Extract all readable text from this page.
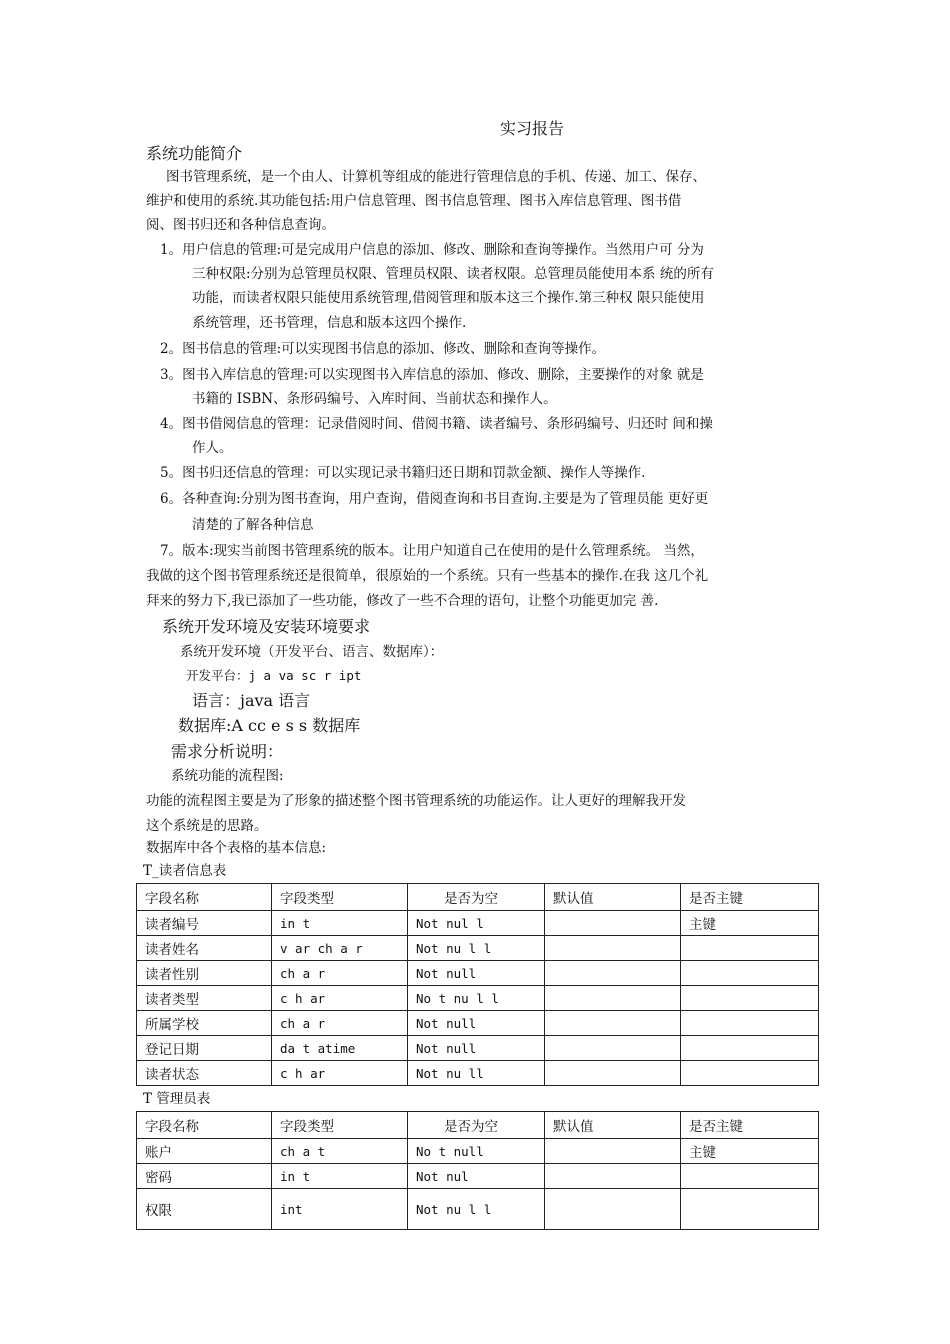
实习报告
系统功能简介
图书管理系统，是一个由人、计算机等组成的能进行管理信息的手机、传递、加工、保存、
维护和使用的系统.其功能包括:用户信息管理、图书信息管理、图书入库信息管理、图书借
阅、图书归还和各种信息查询。
1。用户信息的管理:可是完成用户信息的添加、修改、删除和查询等操作。当然用户可 分为
三种权限:分别为总管理员权限、管理员权限、读者权限。总管理员能使用本系 统的所有
功能，而读者权限只能使用系统管理,借阅管理和版本这三个操作.第三种权 限只能使用
系统管理，还书管理，信息和版本这四个操作.
2。图书信息的管理:可以实现图书信息的添加、修改、删除和查询等操作。
3。图书入库信息的管理:可以实现图书入库信息的添加、修改、删除，主要操作的对象 就是
书籍的 ISBN、条形码编号、入库时间、当前状态和操作人。
4。图书借阅信息的管理：记录借阅时间、借阅书籍、读者编号、条形码编号、归还时 间和操
作人。
5。图书归还信息的管理：可以实现记录书籍归还日期和罚款金额、操作人等操作.
6。各种查询:分别为图书查询，用户查询，借阅查询和书目查询.主要是为了管理员能 更好更
清楚的了解各种信息
7。版本:现实当前图书管理系统的版本。让用户知道自己在使用的是什么管理系统。 当然，
我做的这个图书管理系统还是很简单，很原始的一个系统。只有一些基本的操作.在我 这几个礼
拜来的努力下,我已添加了一些功能，修改了一些不合理的语句，让整个功能更加完 善.
系统开发环境及安装环境要求
系统开发环境（开发平台、语言、数据库）：
开发平台：j a va sc r ipt
语言：java 语言
数据库:A cc e s s 数据库
需求分析说明：
系统功能的流程图:
功能的流程图主要是为了形象的描述整个图书管理系统的功能运作。让人更好的理解我开发
这个系统是的思路。
数据库中各个表格的基本信息:
T_读者信息表
字段名称	字段类型	是否为空	默认值	是否主键
读者编号	in t	Not nul l		主键
读者姓名	v ar ch a r	Not nu l l		
读者性别	ch a r	Not null		
读者类型	c h ar	No t nu l l		
所属学校	ch a r	Not null		
登记日期	da t atime	Not null		
读者状态	c h ar	Not nu ll		
T 管理员表
字段名称	字段类型	是否为空	默认值	是否主键
账户	ch a t	No t null		主键
密码	in t	Not nul		
权限	int	Not nu l l		
